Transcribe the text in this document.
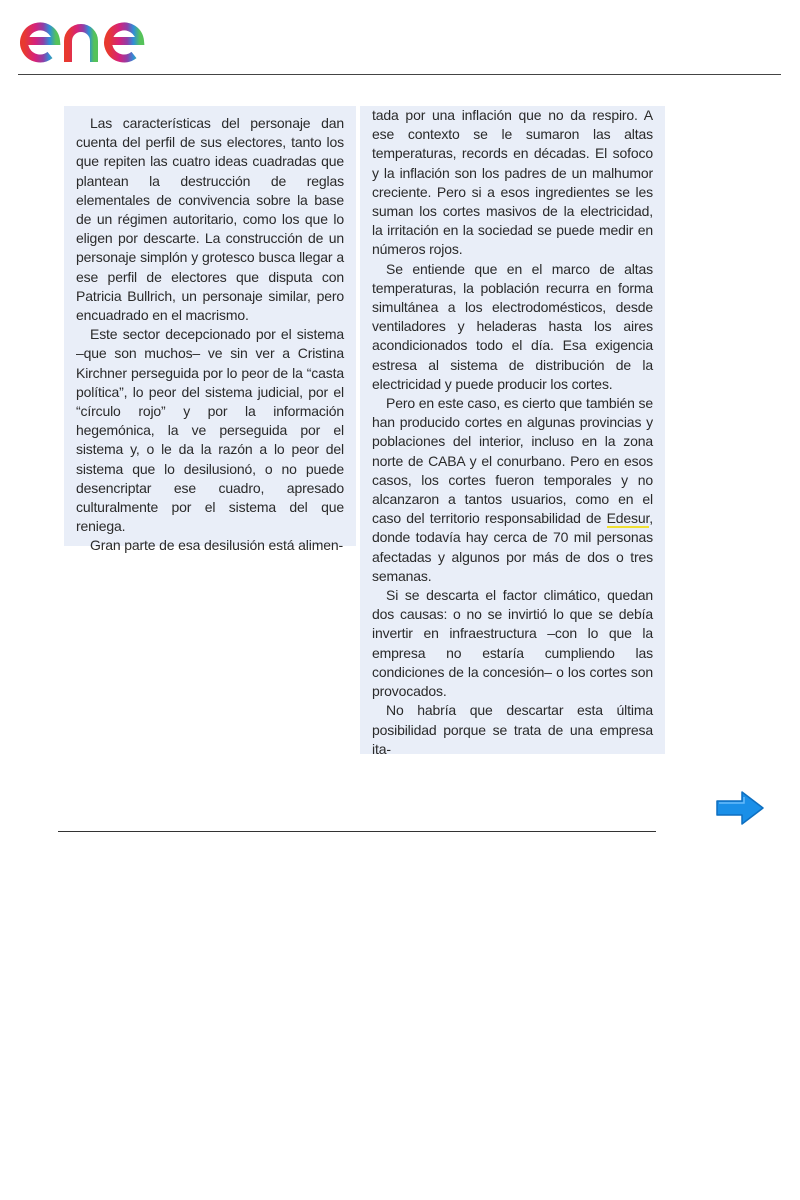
Las características del personaje dan cuenta del perfil de sus electores, tanto los que repiten las cuatro ideas cuadradas que plantean la destrucción de reglas elementales de convivencia sobre la base de un régimen autoritario, como los que lo eligen por descarte. La construcción de un personaje simplón y grotesco busca llegar a ese perfil de electores que disputa con Patricia Bullrich, un personaje similar, pero encuadrado en el macrismo.

Este sector decepcionado por el sistema –que son muchos– ve sin ver a Cristina Kirchner perseguida por lo peor de la “casta política”, lo peor del sistema judicial, por el “círculo rojo” y por la información hegemónica, la ve perseguida por el sistema y, o le da la razón a lo peor del sistema que lo desilusionó, o no puede desencriptar ese cuadro, apresado culturalmente por el sistema del que reniega.

Gran parte de esa desilusión está alimen-

tada por una inflación que no da respiro. A ese contexto se le sumaron las altas temperaturas, records en décadas. El sofoco y la inflación son los padres de un malhumor creciente. Pero si a esos ingredientes se les suman los cortes masivos de la electricidad, la irritación en la sociedad se puede medir en números rojos.

Se entiende que en el marco de altas temperaturas, la población recurra en forma simultánea a los electrodomésticos, desde ventiladores y heladeras hasta los aires acondicionados todo el día. Esa exigencia estresa al sistema de distribución de la electricidad y puede producir los cortes.

Pero en este caso, es cierto que también se han producido cortes en algunas provincias y poblaciones del interior, incluso en la zona norte de CABA y el conurbano. Pero en esos casos, los cortes fueron temporales y no alcanzaron a tantos usuarios, como en el caso del territorio responsabilidad de Edesur, donde todavía hay cerca de 70 mil personas afectadas y algunos por más de dos o tres semanas.

Si se descarta el factor climático, quedan dos causas: o no se invirtió lo que se debía invertir en infraestructura –con lo que la empresa no estaría cumpliendo las condiciones de la concesión– o los cortes son provocados.

No habría que descartar esta última posibilidad porque se trata de una empresa ita-
